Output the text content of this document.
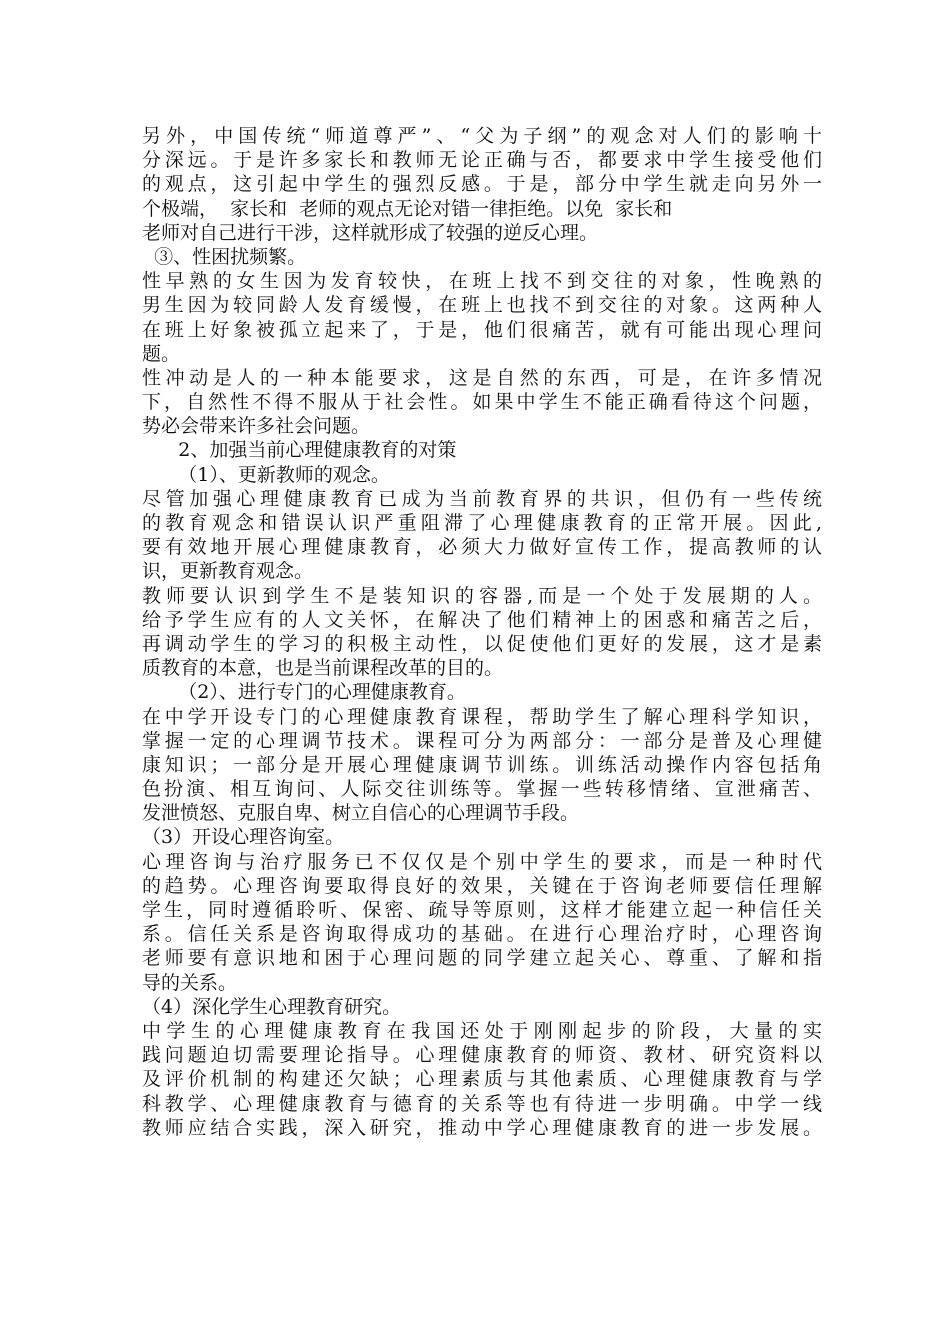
另外，中国传统“师道尊严”、“父为子纲”的观念对人们的影响十
分深远。于是许多家长和教师无论正确与否，都要求中学生接受他们
的观点，这引起中学生的强烈反感。于是，部分中学生就走向另外一
个极端，  家长和  老师的观点无论对错一律拒绝。以免  家长和
老师对自己进行干涉，这样就形成了较强的逆反心理。
③、性困扰频繁。
性早熟的女生因为发育较快，在班上找不到交往的对象，性晚熟的
男生因为较同龄人发育缓慢，在班上也找不到交往的对象。这两种人
在班上好象被孤立起来了，于是，他们很痛苦，就有可能出现心理问
题。
性冲动是人的一种本能要求，这是自然的东西，可是，在许多情况
下，自然性不得不服从于社会性。如果中学生不能正确看待这个问题，
势必会带来许多社会问题。
2、加强当前心理健康教育的对策
（1）、更新教师的观念。
尽管加强心理健康教育已成为当前教育界的共识，但仍有一些传统
的教育观念和错误认识严重阻滞了心理健康教育的正常开展。因此,
要有效地开展心理健康教育，必须大力做好宣传工作，提高教师的认
识，更新教育观念。
教师要认识到学生不是装知识的容器,而是一个处于发展期的人。
给予学生应有的人文关怀，在解决了他们精神上的困惑和痛苦之后，
再调动学生的学习的积极主动性，以促使他们更好的发展，这才是素
质教育的本意，也是当前课程改革的目的。
（2）、进行专门的心理健康教育。
在中学开设专门的心理健康教育课程，帮助学生了解心理科学知识，
掌握一定的心理调节技术。课程可分为两部分：一部分是普及心理健
康知识；一部分是开展心理健康调节训练。训练活动操作内容包括角
色扮演、相互询问、人际交往训练等。掌握一些转移情绪、宣泄痛苦、
发泄愤怒、克服自卑、树立自信心的心理调节手段。
（3）开设心理咨询室。
心理咨询与治疗服务已不仅仅是个别中学生的要求，而是一种时代
的趋势。心理咨询要取得良好的效果，关键在于咨询老师要信任理解
学生，同时遵循聆听、保密、疏导等原则，这样才能建立起一种信任关
系。信任关系是咨询取得成功的基础。在进行心理治疗时，心理咨询
老师要有意识地和困于心理问题的同学建立起关心、尊重、了解和指
导的关系。
（4）深化学生心理教育研究。
中学生的心理健康教育在我国还处于刚刚起步的阶段，大量的实
践问题迫切需要理论指导。心理健康教育的师资、教材、研究资料以
及评价机制的构建还欠缺；心理素质与其他素质、心理健康教育与学
科教学、心理健康教育与德育的关系等也有待进一步明确。中学一线
教师应结合实践，深入研究，推动中学心理健康教育的进一步发展。
